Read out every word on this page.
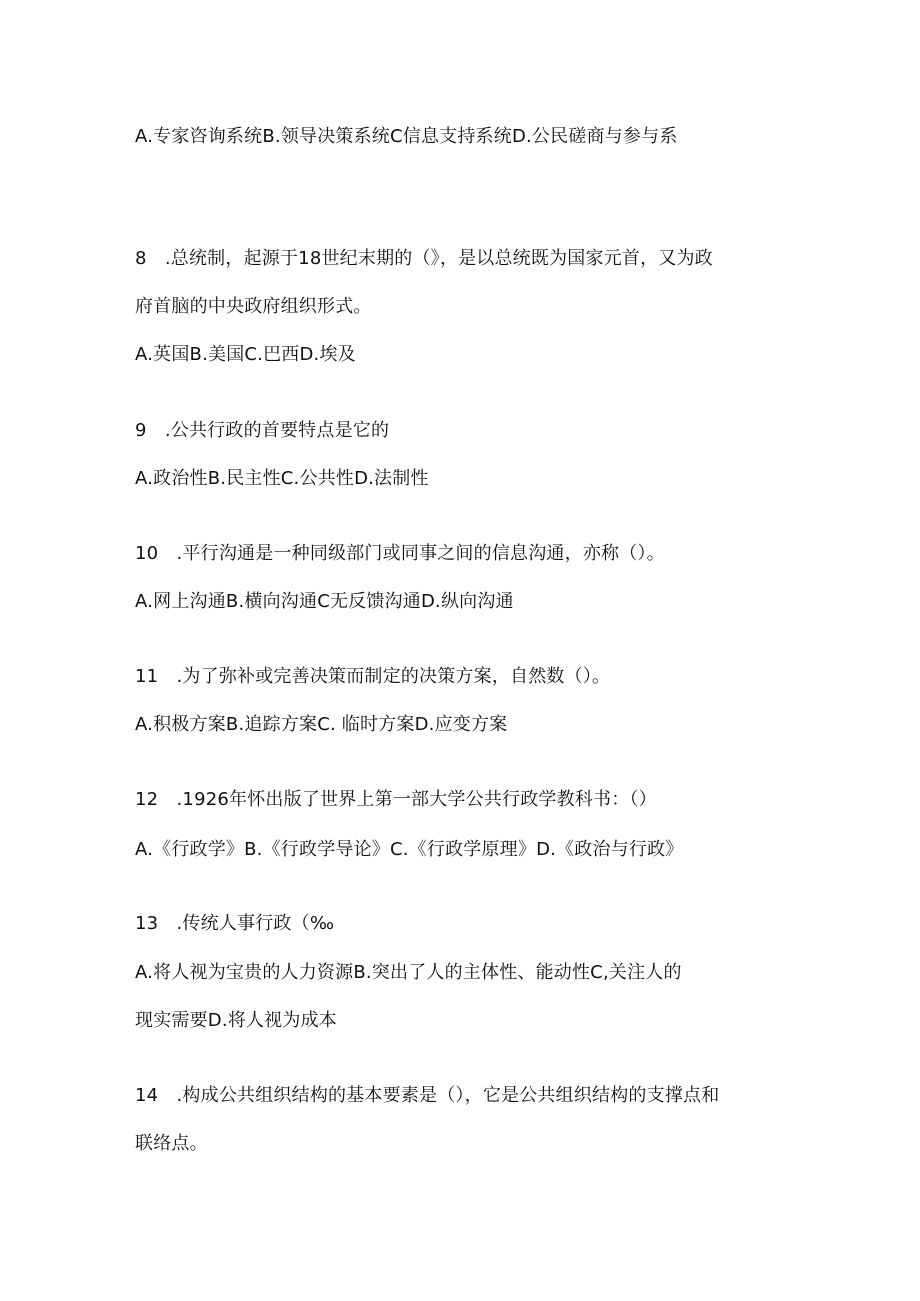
A.专家咨询系统B.领导决策系统C信息支持系统D.公民磋商与参与系
8　.总统制，起源于18世纪末期的（》，是以总统既为国家元首，又为政
府首脑的中央政府组织形式。
A.英国B.美国C.巴西D.埃及
9　.公共行政的首要特点是它的
A.政治性B.民主性C.公共性D.法制性
10　.平行沟通是一种同级部门或同事之间的信息沟通，亦称（）。
A.网上沟通B.横向沟通C无反馈沟通D.纵向沟通
11　.为了弥补或完善决策而制定的决策方案，自然数（）。
A.积极方案B.追踪方案C. 临时方案D.应变方案
12　.1926年怀出版了世界上第一部大学公共行政学教科书：（）
A.《行政学》B.《行政学导论》C.《行政学原理》D.《政治与行政》
13　.传统人事行政（‰
A.将人视为宝贵的人力资源B.突出了人的主体性、能动性C,关注人的
现实需要D.将人视为成本
14　.构成公共组织结构的基本要素是（），它是公共组织结构的支撑点和
联络点。
